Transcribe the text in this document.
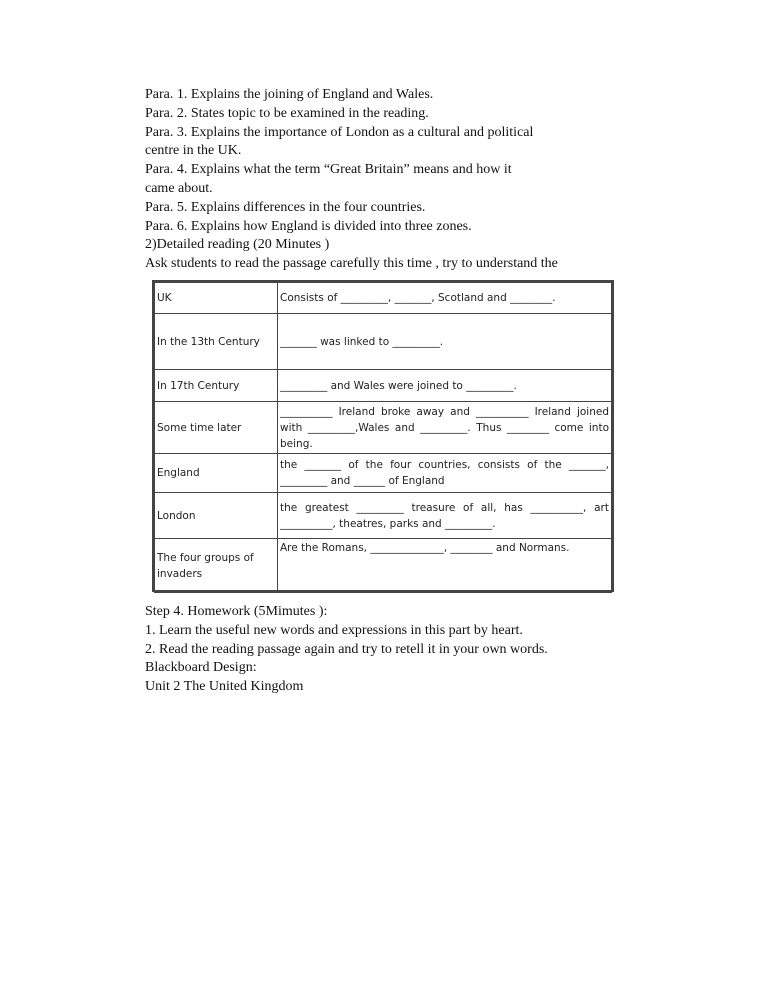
Para. 1. Explains the joining of England and Wales.

Para. 2. States topic to be examined in the reading.

Para. 3. Explains the importance of London as a cultural and political

centre in the UK.

Para. 4. Explains what the term “Great Britain” means and how it

came about.

Para. 5. Explains differences in the four countries.

Para. 6. Explains how England is divided into three zones.

2)Detailed reading (20 Minutes )

Ask students to read the passage carefully this time , try to understand the

UK	Consists of _________, _______, Scotland and ________.
In the 13th Century	_______ was linked to _________.
In 17th Century	_________ and Wales were joined to _________.
Some time later	__________ Ireland broke away and __________ Ireland joined with _________,Wales and _________. Thus ________ come into being.
England	the _______ of the four countries, consists of the _______, _________ and ______ of England
London	the greatest _________ treasure of all, has __________, art __________, theatres, parks and _________.
The four groups of invaders	Are the Romans, ______________, ________ and Normans.

Step 4. Homework (5Mimutes ):

1. Learn the useful new words and expressions in this part by heart.

2. Read the reading passage again and try to retell it in your own words.

Blackboard Design:

Unit 2 The United Kingdom
